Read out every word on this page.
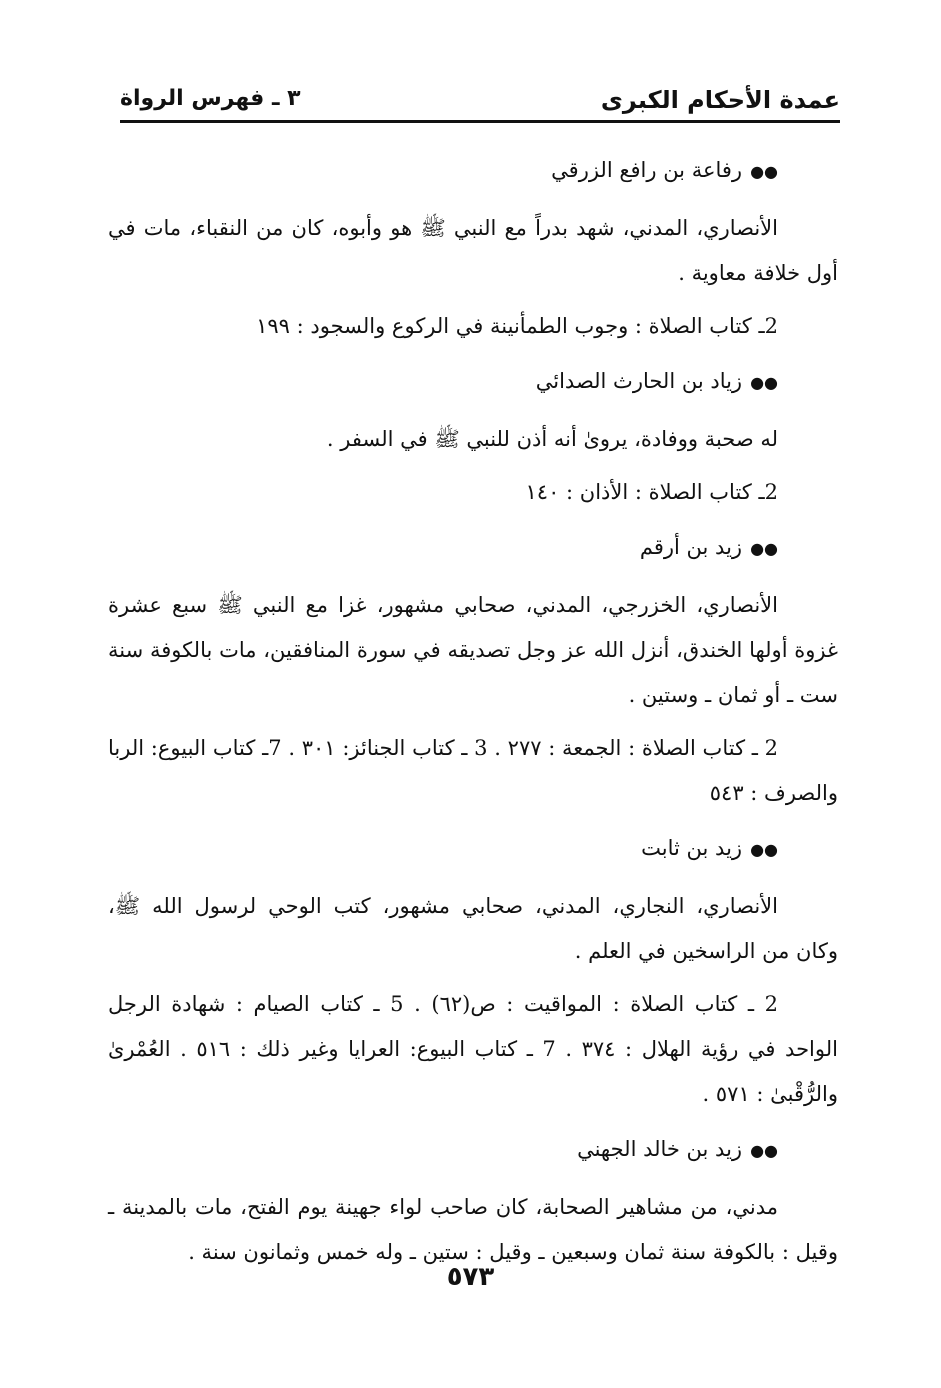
عمدة الأحكام الكبرى
٣ ـ فهرس الرواة

●●رفاعة بن رافع الزرقي

الأنصاري، المدني، شهد بدراً مع النبي ﷺ هو وأبوه، كان من النقباء، مات في أول خلافة معاوية .

2ـ كتاب الصلاة : وجوب الطمأنينة في الركوع والسجود : ١٩٩

●●زياد بن الحارث الصدائي

له صحبة ووفادة، يروىٰ أنه أذن للنبي ﷺ في السفر .

2ـ كتاب الصلاة : الأذان : ١٤٠

●●زيد بن أرقم

الأنصاري، الخزرجي، المدني، صحابي مشهور، غزا مع النبي ﷺ سبع عشرة غزوة أولها الخندق، أنزل الله عز وجل تصديقه في سورة المنافقين، مات بالكوفة سنة ست ـ أو ثمان ـ وستين .

2 ـ كتاب الصلاة : الجمعة : ٢٧٧ . 3 ـ كتاب الجنائز: ٣٠١ . 7ـ كتاب البيوع: الربا والصرف : ٥٤٣

●●زيد بن ثابت

الأنصاري، النجاري، المدني، صحابي مشهور، كتب الوحي لرسول الله ﷺ، وكان من الراسخين في العلم .

2 ـ كتاب الصلاة : المواقيت : ص(٦٢) . 5 ـ كتاب الصيام : شهادة الرجل الواحد في رؤية الهلال : ٣٧٤ . 7 ـ كتاب البيوع: العرايا وغير ذلك : ٥١٦ . العُمْرىٰ والرُّقْبىٰ : ٥٧١ .

●●زيد بن خالد الجهني

مدني، من مشاهير الصحابة، كان صاحب لواء جهينة يوم الفتح، مات بالمدينة ـ وقيل : بالكوفة سنة ثمان وسبعين ـ وقيل : ستين ـ وله خمس وثمانون سنة .

٥٧٣
